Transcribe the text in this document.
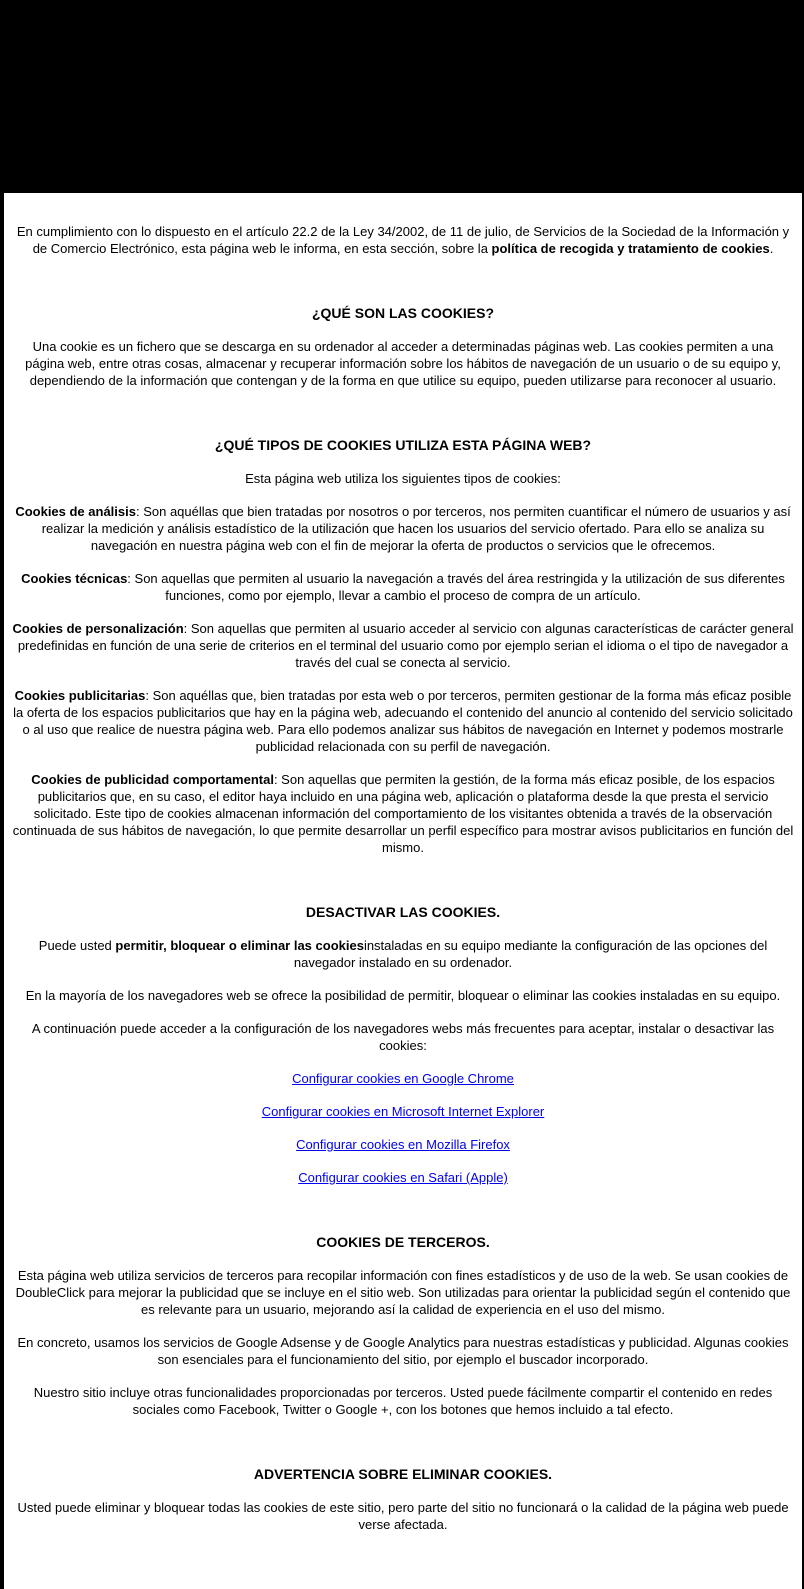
En cumplimiento con lo dispuesto en el artículo 22.2 de la Ley 34/2002, de 11 de julio, de Servicios de la Sociedad de la Información y de Comercio Electrónico, esta página web le informa, en esta sección, sobre la política de recogida y tratamiento de cookies.

¿QUÉ SON LAS COOKIES?

Una cookie es un fichero que se descarga en su ordenador al acceder a determinadas páginas web. Las cookies permiten a una página web, entre otras cosas, almacenar y recuperar información sobre los hábitos de navegación de un usuario o de su equipo y, dependiendo de la información que contengan y de la forma en que utilice su equipo, pueden utilizarse para reconocer al usuario.

¿QUÉ TIPOS DE COOKIES UTILIZA ESTA PÁGINA WEB?

Esta página web utiliza los siguientes tipos de cookies:

Cookies de análisis: Son aquéllas que bien tratadas por nosotros o por terceros, nos permiten cuantificar el número de usuarios y así realizar la medición y análisis estadístico de la utilización que hacen los usuarios del servicio ofertado. Para ello se analiza su navegación en nuestra página web con el fin de mejorar la oferta de productos o servicios que le ofrecemos.

Cookies técnicas: Son aquellas que permiten al usuario la navegación a través del área restringida y la utilización de sus diferentes funciones, como por ejemplo, llevar a cambio el proceso de compra de un artículo.

Cookies de personalización: Son aquellas que permiten al usuario acceder al servicio con algunas características de carácter general predefinidas en función de una serie de criterios en el terminal del usuario como por ejemplo serian el idioma o el tipo de navegador a través del cual se conecta al servicio.

Cookies publicitarias: Son aquéllas que, bien tratadas por esta web o por terceros, permiten gestionar de la forma más eficaz posible la oferta de los espacios publicitarios que hay en la página web, adecuando el contenido del anuncio al contenido del servicio solicitado o al uso que realice de nuestra página web. Para ello podemos analizar sus hábitos de navegación en Internet y podemos mostrarle publicidad relacionada con su perfil de navegación.

Cookies de publicidad comportamental: Son aquellas que permiten la gestión, de la forma más eficaz posible, de los espacios publicitarios que, en su caso, el editor haya incluido en una página web, aplicación o plataforma desde la que presta el servicio solicitado. Este tipo de cookies almacenan información del comportamiento de los visitantes obtenida a través de la observación continuada de sus hábitos de navegación, lo que permite desarrollar un perfil específico para mostrar avisos publicitarios en función del mismo.

DESACTIVAR LAS COOKIES.

Puede usted permitir, bloquear o eliminar las cookiesinstaladas en su equipo mediante la configuración de las opciones del navegador instalado en su ordenador.

En la mayoría de los navegadores web se ofrece la posibilidad de permitir, bloquear o eliminar las cookies instaladas en su equipo.

A continuación puede acceder a la configuración de los navegadores webs más frecuentes para aceptar, instalar o desactivar las cookies:

Configurar cookies en Google Chrome

Configurar cookies en Microsoft Internet Explorer

Configurar cookies en Mozilla Firefox

Configurar cookies en Safari (Apple)

COOKIES DE TERCEROS.

Esta página web utiliza servicios de terceros para recopilar información con fines estadísticos y de uso de la web. Se usan cookies de DoubleClick para mejorar la publicidad que se incluye en el sitio web. Son utilizadas para orientar la publicidad según el contenido que es relevante para un usuario, mejorando así la calidad de experiencia en el uso del mismo.

En concreto, usamos los servicios de Google Adsense y de Google Analytics para nuestras estadísticas y publicidad. Algunas cookies son esenciales para el funcionamiento del sitio, por ejemplo el buscador incorporado.

Nuestro sitio incluye otras funcionalidades proporcionadas por terceros. Usted puede fácilmente compartir el contenido en redes sociales como Facebook, Twitter o Google +, con los botones que hemos incluido a tal efecto.

ADVERTENCIA SOBRE ELIMINAR COOKIES.

Usted puede eliminar y bloquear todas las cookies de este sitio, pero parte del sitio no funcionará o la calidad de la página web puede verse afectada.
